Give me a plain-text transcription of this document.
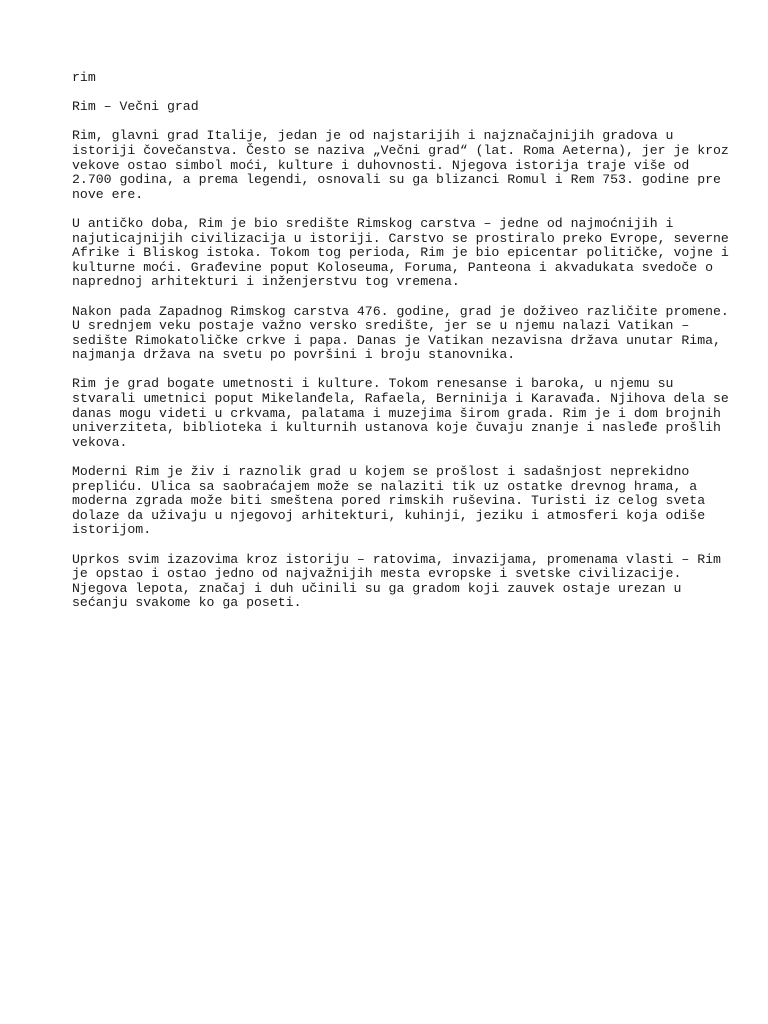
rim

Rim – Večni grad

Rim, glavni grad Italije, jedan je od najstarijih i najznačajnijih gradova u

istoriji čovečanstva. Često se naziva „Večni grad“ (lat. Roma Aeterna), jer je kroz

vekove ostao simbol moći, kulture i duhovnosti. Njegova istorija traje više od

2.700 godina, a prema legendi, osnovali su ga blizanci Romul i Rem 753. godine pre

nove ere.

U antičko doba, Rim je bio središte Rimskog carstva – jedne od najmoćnijih i

najuticajnijih civilizacija u istoriji. Carstvo se prostiralo preko Evrope, severne

Afrike i Bliskog istoka. Tokom tog perioda, Rim je bio epicentar političke, vojne i

kulturne moći. Građevine poput Koloseuma, Foruma, Panteona i akvadukata svedoče o

naprednoj arhitekturi i inženjerstvu tog vremena.

Nakon pada Zapadnog Rimskog carstva 476. godine, grad je doživeo različite promene.

U srednjem veku postaje važno versko središte, jer se u njemu nalazi Vatikan –

sedište Rimokatoličke crkve i papa. Danas je Vatikan nezavisna država unutar Rima,

najmanja država na svetu po površini i broju stanovnika.

Rim je grad bogate umetnosti i kulture. Tokom renesanse i baroka, u njemu su

stvarali umetnici poput Mikelanđela, Rafaela, Berninija i Karavađa. Njihova dela se

danas mogu videti u crkvama, palatama i muzejima širom grada. Rim je i dom brojnih

univerziteta, biblioteka i kulturnih ustanova koje čuvaju znanje i nasleđe prošlih

vekova.

Moderni Rim je živ i raznolik grad u kojem se prošlost i sadašnjost neprekidno

prepliću. Ulica sa saobraćajem može se nalaziti tik uz ostatke drevnog hrama, a

moderna zgrada može biti smeštena pored rimskih ruševina. Turisti iz celog sveta

dolaze da uživaju u njegovoj arhitekturi, kuhinji, jeziku i atmosferi koja odiše

istorijom.

Uprkos svim izazovima kroz istoriju – ratovima, invazijama, promenama vlasti – Rim

je opstao i ostao jedno od najvažnijih mesta evropske i svetske civilizacije.

Njegova lepota, značaj i duh učinili su ga gradom koji zauvek ostaje urezan u

sećanju svakome ko ga poseti.
